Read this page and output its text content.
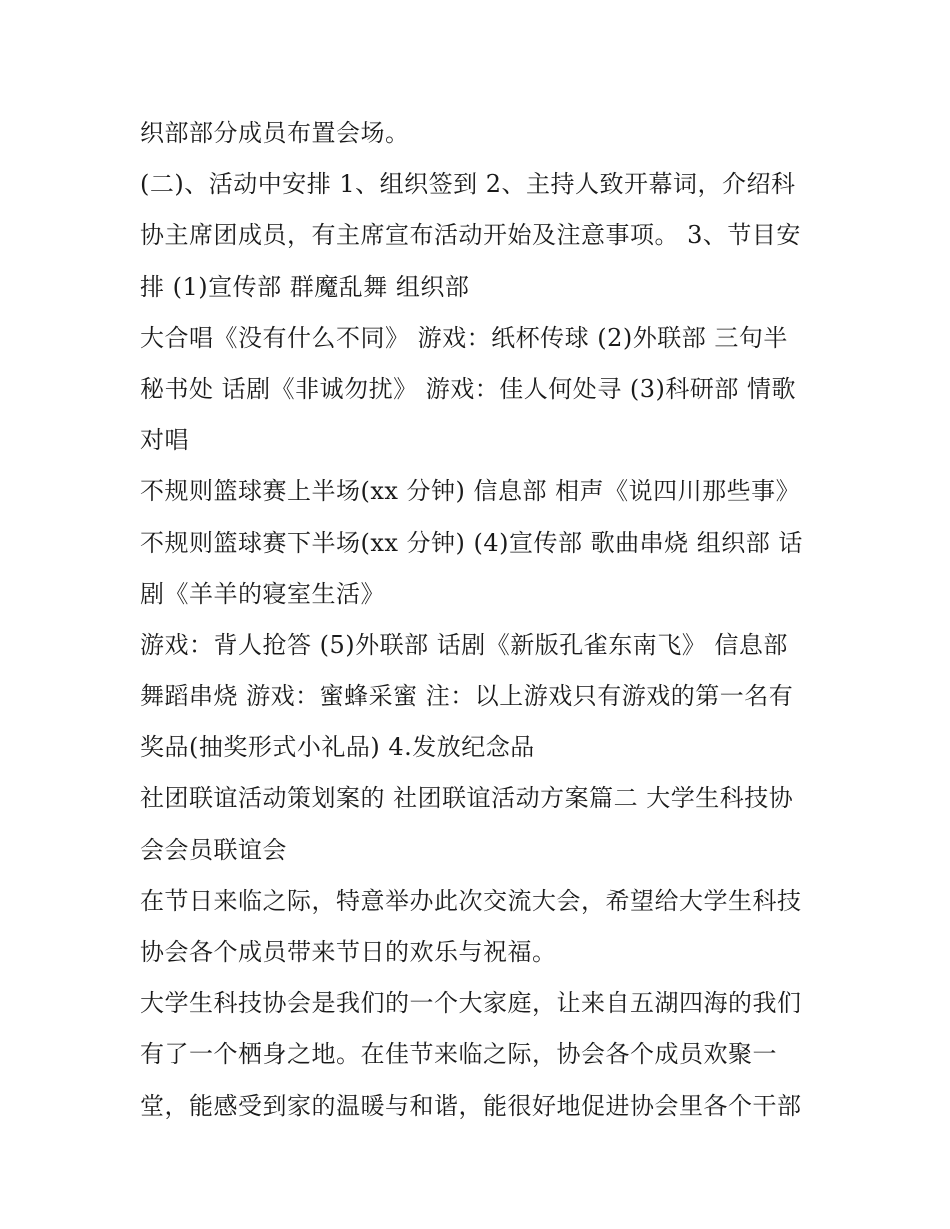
织部部分成员布置会场。
(二)、活动中安排 1、组织签到 2、主持人致开幕词，介绍科
协主席团成员，有主席宣布活动开始及注意事项。 3、节目安
排 (1)宣传部 群魔乱舞 组织部
大合唱《没有什么不同》 游戏：纸杯传球 (2)外联部 三句半
秘书处 话剧《非诚勿扰》 游戏：佳人何处寻 (3)科研部 情歌
对唱
不规则篮球赛上半场(xx 分钟) 信息部 相声《说四川那些事》
不规则篮球赛下半场(xx 分钟) (4)宣传部 歌曲串烧 组织部 话
剧《羊羊的寝室生活》
游戏：背人抢答 (5)外联部 话剧《新版孔雀东南飞》 信息部
舞蹈串烧 游戏：蜜蜂采蜜 注：以上游戏只有游戏的第一名有
奖品(抽奖形式小礼品) 4.发放纪念品
社团联谊活动策划案的 社团联谊活动方案篇二 大学生科技协
会会员联谊会
在节日来临之际，特意举办此次交流大会，希望给大学生科技
协会各个成员带来节日的欢乐与祝福。
大学生科技协会是我们的一个大家庭，让来自五湖四海的我们
有了一个栖身之地。在佳节来临之际，协会各个成员欢聚一
堂，能感受到家的温暖与和谐，能很好地促进协会里各个干部
